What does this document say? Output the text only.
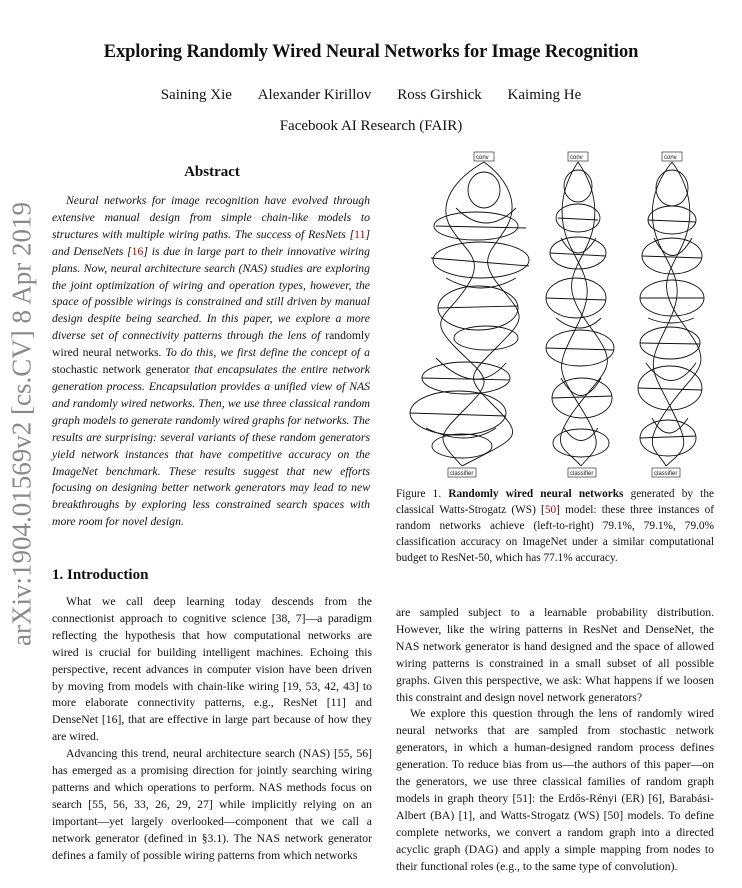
Exploring Randomly Wired Neural Networks for Image Recognition
Saining Xie Alexander Kirillov Ross Girshick Kaiming He
Facebook AI Research (FAIR)
arXiv:1904.01569v2 [cs.CV] 8 Apr 2019
Abstract
Neural networks for image recognition have evolved through extensive manual design from simple chain-like models to structures with multiple wiring paths. The success of ResNets [11] and DenseNets [16] is due in large part to their innovative wiring plans. Now, neural architecture search (NAS) studies are exploring the joint optimization of wiring and operation types, however, the space of possible wirings is constrained and still driven by manual design despite being searched. In this paper, we explore a more diverse set of connectivity patterns through the lens of randomly wired neural networks. To do this, we first define the concept of a stochastic network generator that encapsulates the entire network generation process. Encapsulation provides a unified view of NAS and randomly wired networks. Then, we use three classical random graph models to generate randomly wired graphs for networks. The results are surprising: several variants of these random generators yield network instances that have competitive accuracy on the ImageNet benchmark. These results suggest that new efforts focusing on designing better network generators may lead to new breakthroughs by exploring less constrained search spaces with more room for novel design.
conv	conv	conv
classifier	classifier	classifier
Figure 1. Randomly wired neural networks generated by the classical Watts-Strogatz (WS) [50] model: these three instances of random networks achieve (left-to-right) 79.1%, 79.1%, 79.0% classification accuracy on ImageNet under a similar computational budget to ResNet-50, which has 77.1% accuracy.
1. Introduction

What we call deep learning today descends from the connectionist approach to cognitive science [38, 7]—a paradigm reflecting the hypothesis that how computational networks are wired is crucial for building intelligent machines. Echoing this perspective, recent advances in computer vision have been driven by moving from models with chain-like wiring [19, 53, 42, 43] to more elaborate connectivity patterns, e.g., ResNet [11] and DenseNet [16], that are effective in large part because of how they are wired.

Advancing this trend, neural architecture search (NAS) [55, 56] has emerged as a promising direction for jointly searching wiring patterns and which operations to perform. NAS methods focus on search [55, 56, 33, 26, 29, 27] while implicitly relying on an important—yet largely overlooked—component that we call a network generator (defined in §3.1). The NAS network generator defines a family of possible wiring patterns from which networks

are sampled subject to a learnable probability distribution. However, like the wiring patterns in ResNet and DenseNet, the NAS network generator is hand designed and the space of allowed wiring patterns is constrained in a small subset of all possible graphs. Given this perspective, we ask: What happens if we loosen this constraint and design novel network generators?

We explore this question through the lens of randomly wired neural networks that are sampled from stochastic network generators, in which a human-designed random process defines generation. To reduce bias from us—the authors of this paper—on the generators, we use three classical families of random graph models in graph theory [51]: the Erdős-Rényi (ER) [6], Barabási-Albert (BA) [1], and Watts-Strogatz (WS) [50] models. To define complete networks, we convert a random graph into a directed acyclic graph (DAG) and apply a simple mapping from nodes to their functional roles (e.g., to the same type of convolution).
